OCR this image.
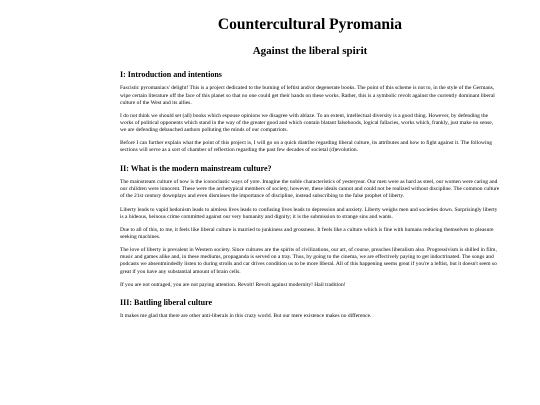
Countercultural Pyromania
Against the liberal spirit
I: Introduction and intentions

Fascistic pyromaniacs' delight! This is a project dedicated to the burning of leftist and/or degenerate books. The point of this scheme is not to, in the style of the Germans, wipe certain literature off the face of this planet so that no one could get their hands on these works. Rather, this is a symbolic revolt against the currently dominant liberal culture of the West and its allies.

I do not think we should set (all) books which espouse opinions we disagree with ablaze. To an extent, intellectual diversity is a good thing. However, by defending the works of political opponents which stand in the way of the greater good and which contain blatant falsehoods, logical fallacies, works which, frankly, just make no sense, we are defending debauched authors polluting the minds of our compatriots.

Before I can further explain what the point of this project is, I will go on a quick diatribe regarding liberal culture, its attributes and how to fight against it. The following sections will serve as a sort of chamber of reflection regarding the past few decades of societal (d)evolution.

II: What is the modern mainstream culture?

The mainstream culture of now is the iconoclastic ways of yore. Imagine the noble characteristics of yesteryear. Our men were as hard as steel, our women were caring and our children were innocent. These were the archetypical members of society, however, these ideals cannot and could not be realized without discipline. The common culture of the 21st century downplays and even dismisses the importance of discipline, instead subscribing to the false prophet of liberty.

Liberty leads to vapid hedonism leads to aimless lives leads to confusing lives leads to depression and anxiety. Liberty weighs men and societies down. Surprisingly liberty is a hideous, heinous crime committed against our very humanity and dignity; it is the submission to strange sins and wants.

Due to all of this, to me, it feels like liberal culture is married to junkiness and grossness. It feels like a culture which is fine with humans reducing themselves to pleasure seeking machines.

The love of liberty is prevalent in Western society. Since cultures are the spirits of civilizations, our art, of course, preaches liberalism also. Progressivism is shilled in film, music and games alike and, in these mediums, propaganda is served on a tray. Thus, by going to the cinema, we are effectively paying to get indoctrinated. The songs and podcasts we absentmindedly listen to during strolls and car drives condition us to be more liberal. All of this happening seems great if you're a leftist, but it doesn't seem so great if you have any substantial amount of brain cells.

If you are not outraged, you are not paying attention. Revolt! Revolt against modernity! Hail tradition!

III: Battling liberal culture

It makes me glad that there are other anti-liberals in this crazy world. But our mere existence makes no difference.
